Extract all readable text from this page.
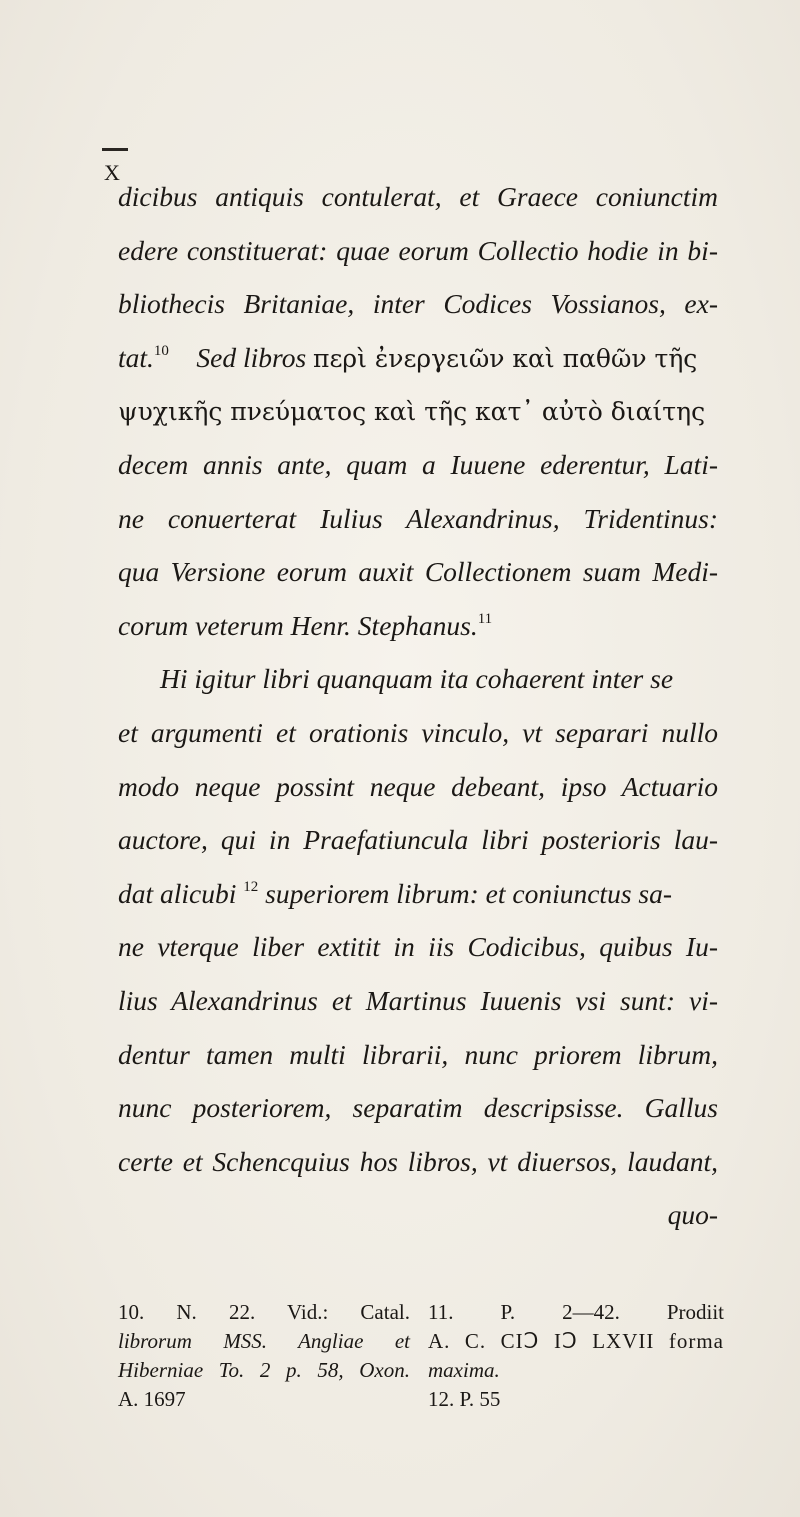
X
dicibus antiquis contulerat, et Graece coniunctim
edere constituerat: quae eorum Collectio hodie in bi-
bliothecis Britaniae, inter Codices Vossianos, ex-
tat.$^{10}$ Sed libros περὶ ἐνεργειῶν καὶ παθῶν τῆς
ψυχικῆς πνεύματος καὶ τῆς κατ᾽ αὐτὸ διαίτης
decem annis ante, quam a Iuuene ederentur, Lati-
ne conuerterat Iulius Alexandrinus, Tridentinus:
qua Versione eorum auxit Collectionem suam Medi-
corum veterum Henr. Stephanus.$^{11}$
Hi igitur libri quanquam ita cohaerent inter se
et argumenti et orationis vinculo, vt separari nullo
modo neque possint neque debeant, ipso Actuario
auctore, qui in Praefatiuncula libri posterioris lau-
dat alicubi $^{12}$ superiorem librum: et coniunctus sa-
ne vterque liber extitit in iis Codicibus, quibus Iu-
lius Alexandrinus et Martinus Iuuenis vsi sunt: vi-
dentur tamen multi librarii, nunc priorem librum,
nunc posteriorem, separatim descripsisse. Gallus
certe et Schencquius hos libros, vt diuersos, laudant,
quo-
10. N. 22. Vid.: Catal.
librorum MSS. Angliae et
Hiberniae To. 2 p. 58, Oxon.
A. 1697
11. P. 2—42. Prodiit
A. C. CIↃ IↃ LXVII forma
maxima.
12. P. 55
